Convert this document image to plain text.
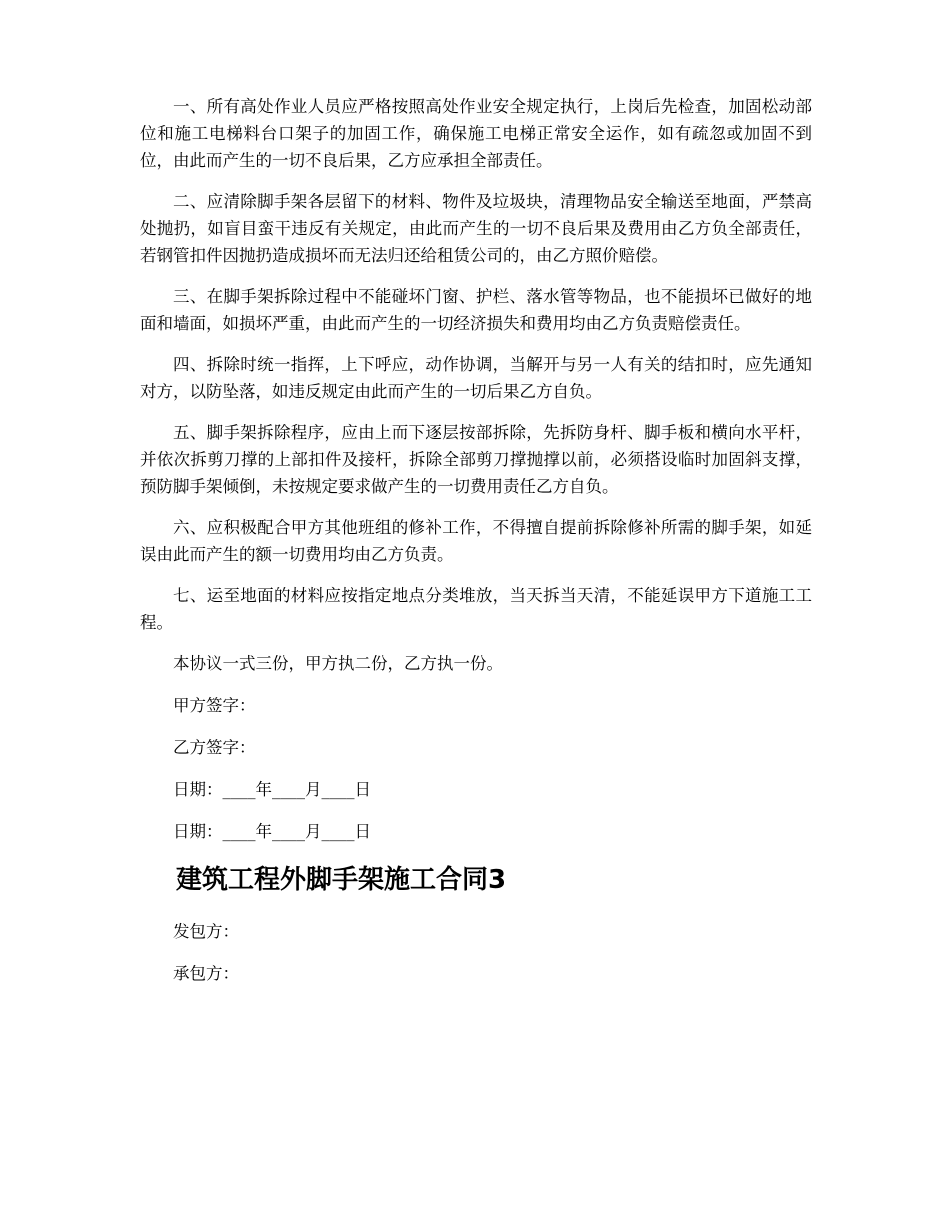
一、所有高处作业人员应严格按照高处作业安全规定执行，上岗后先检查，加固松动部位和施工电梯料台口架子的加固工作，确保施工电梯正常安全运作，如有疏忽或加固不到位，由此而产生的一切不良后果，乙方应承担全部责任。

二、应清除脚手架各层留下的材料、物件及垃圾块，清理物品安全输送至地面，严禁高处抛扔，如盲目蛮干违反有关规定，由此而产生的一切不良后果及费用由乙方负全部责任，若钢管扣件因抛扔造成损坏而无法归还给租赁公司的，由乙方照价赔偿。

三、在脚手架拆除过程中不能碰坏门窗、护栏、落水管等物品，也不能损坏已做好的地面和墙面，如损坏严重，由此而产生的一切经济损失和费用均由乙方负责赔偿责任。

四、拆除时统一指挥，上下呼应，动作协调，当解开与另一人有关的结扣时，应先通知对方，以防坠落，如违反规定由此而产生的一切后果乙方自负。

五、脚手架拆除程序，应由上而下逐层按部拆除，先拆防身杆、脚手板和横向水平杆，并依次拆剪刀撑的上部扣件及接杆，拆除全部剪刀撑抛撑以前，必须搭设临时加固斜支撑，预防脚手架倾倒，未按规定要求做产生的一切费用责任乙方自负。

六、应积极配合甲方其他班组的修补工作，不得擅自提前拆除修补所需的脚手架，如延误由此而产生的额一切费用均由乙方负责。

七、运至地面的材料应按指定地点分类堆放，当天拆当天清，不能延误甲方下道施工工程。

本协议一式三份，甲方执二份，乙方执一份。
甲方签字：
乙方签字：
日期：____年____月____日
日期：____年____月____日
建筑工程外脚手架施工合同3
发包方：
承包方：
